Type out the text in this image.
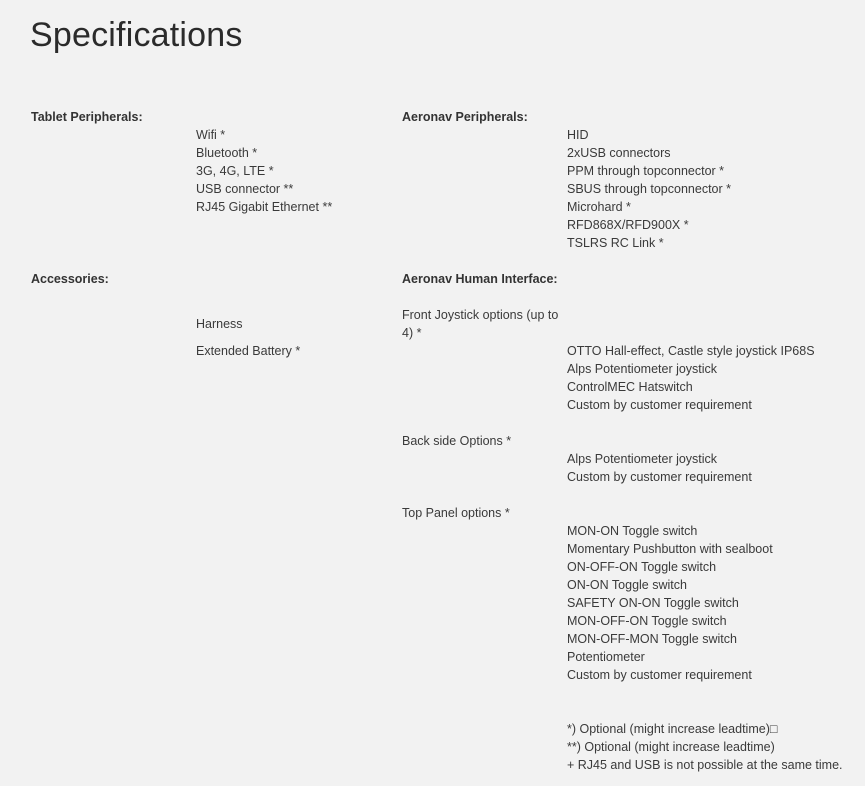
Specifications
Tablet Peripherals:
Wifi *
Bluetooth *
3G, 4G, LTE *
USB connector **
RJ45 Gigabit Ethernet **
Aeronav Peripherals:
HID
2xUSB connectors
PPM through topconnector *
SBUS through topconnector *
Microhard *
RFD868X/RFD900X *
TSLRS RC Link *
Accessories:
Harness
Extended Battery *
Aeronav Human Interface:
Front Joystick options (up to 4) *
OTTO Hall-effect, Castle style joystick IP68S
Alps Potentiometer joystick
ControlMEC Hatswitch
Custom by customer requirement
Back side Options *
Alps Potentiometer joystick
Custom by customer requirement
Top Panel options *
MON-ON Toggle switch
Momentary Pushbutton with sealboot
ON-OFF-ON Toggle switch
ON-ON Toggle switch
SAFETY ON-ON Toggle switch
MON-OFF-ON Toggle switch
MON-OFF-MON Toggle switch
Potentiometer
Custom by customer requirement
*) Optional (might increase leadtime)□
**) Optional (might increase leadtime)
+ RJ45 and USB is not possible at the same time.
